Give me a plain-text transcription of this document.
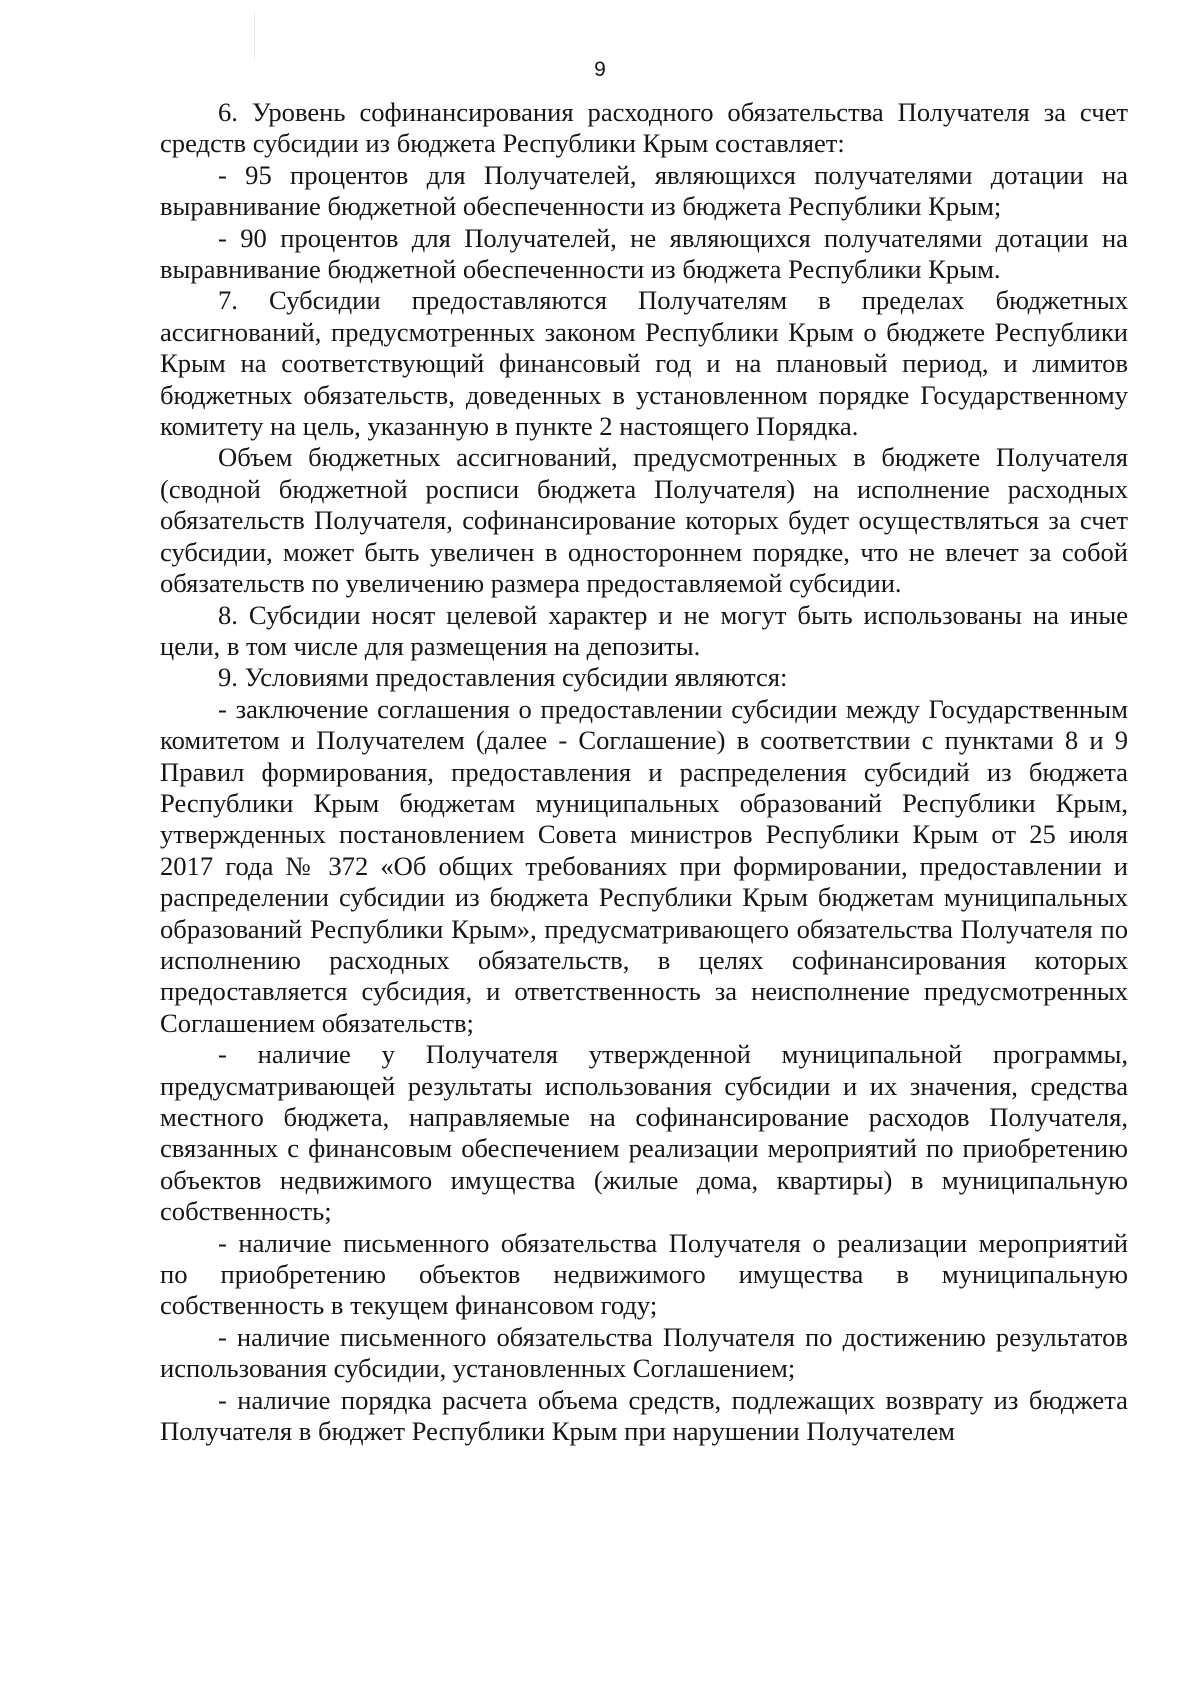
9

6. Уровень софинансирования расходного обязательства Получателя за счет средств субсидии из бюджета Республики Крым составляет:

- 95 процентов для Получателей, являющихся получателями дотации на выравнивание бюджетной обеспеченности из бюджета Республики Крым;

- 90 процентов для Получателей, не являющихся получателями дотации на выравнивание бюджетной обеспеченности из бюджета Республики Крым.

7. Субсидии предоставляются Получателям в пределах бюджетных ассигнований, предусмотренных законом Республики Крым о бюджете Республики Крым на соответствующий финансовый год и на плановый период, и лимитов бюджетных обязательств, доведенных в установленном порядке Государственному комитету на цель, указанную в пункте 2 настоящего Порядка.

Объем бюджетных ассигнований, предусмотренных в бюджете Получателя (сводной бюджетной росписи бюджета Получателя) на исполнение расходных обязательств Получателя, софинансирование которых будет осуществляться за счет субсидии, может быть увеличен в одностороннем порядке, что не влечет за собой обязательств по увеличению размера предоставляемой субсидии.

8. Субсидии носят целевой характер и не могут быть использованы на иные цели, в том числе для размещения на депозиты.

9. Условиями предоставления субсидии являются:

- заключение соглашения о предоставлении субсидии между Государственным комитетом и Получателем (далее - Соглашение) в соответствии с пунктами 8 и 9 Правил формирования, предоставления и распределения субсидий из бюджета Республики Крым бюджетам муниципальных образований Республики Крым, утвержденных постановлением Совета министров Республики Крым от 25 июля 2017 года № 372 «Об общих требованиях при формировании, предоставлении и распределении субсидии из бюджета Республики Крым бюджетам муниципальных образований Республики Крым», предусматривающего обязательства Получателя по исполнению расходных обязательств, в целях софинансирования которых предоставляется субсидия, и ответственность за неисполнение предусмотренных Соглашением обязательств;

- наличие у Получателя утвержденной муниципальной программы, предусматривающей результаты использования субсидии и их значения, средства местного бюджета, направляемые на софинансирование расходов Получателя, связанных с финансовым обеспечением реализации мероприятий по приобретению объектов недвижимого имущества (жилые дома, квартиры) в муниципальную собственность;

- наличие письменного обязательства Получателя о реализации мероприятий по приобретению объектов недвижимого имущества в муниципальную собственность в текущем финансовом году;

- наличие письменного обязательства Получателя по достижению результатов использования субсидии, установленных Соглашением;

- наличие порядка расчета объема средств, подлежащих возврату из бюджета Получателя в бюджет Республики Крым при нарушении Получателем
